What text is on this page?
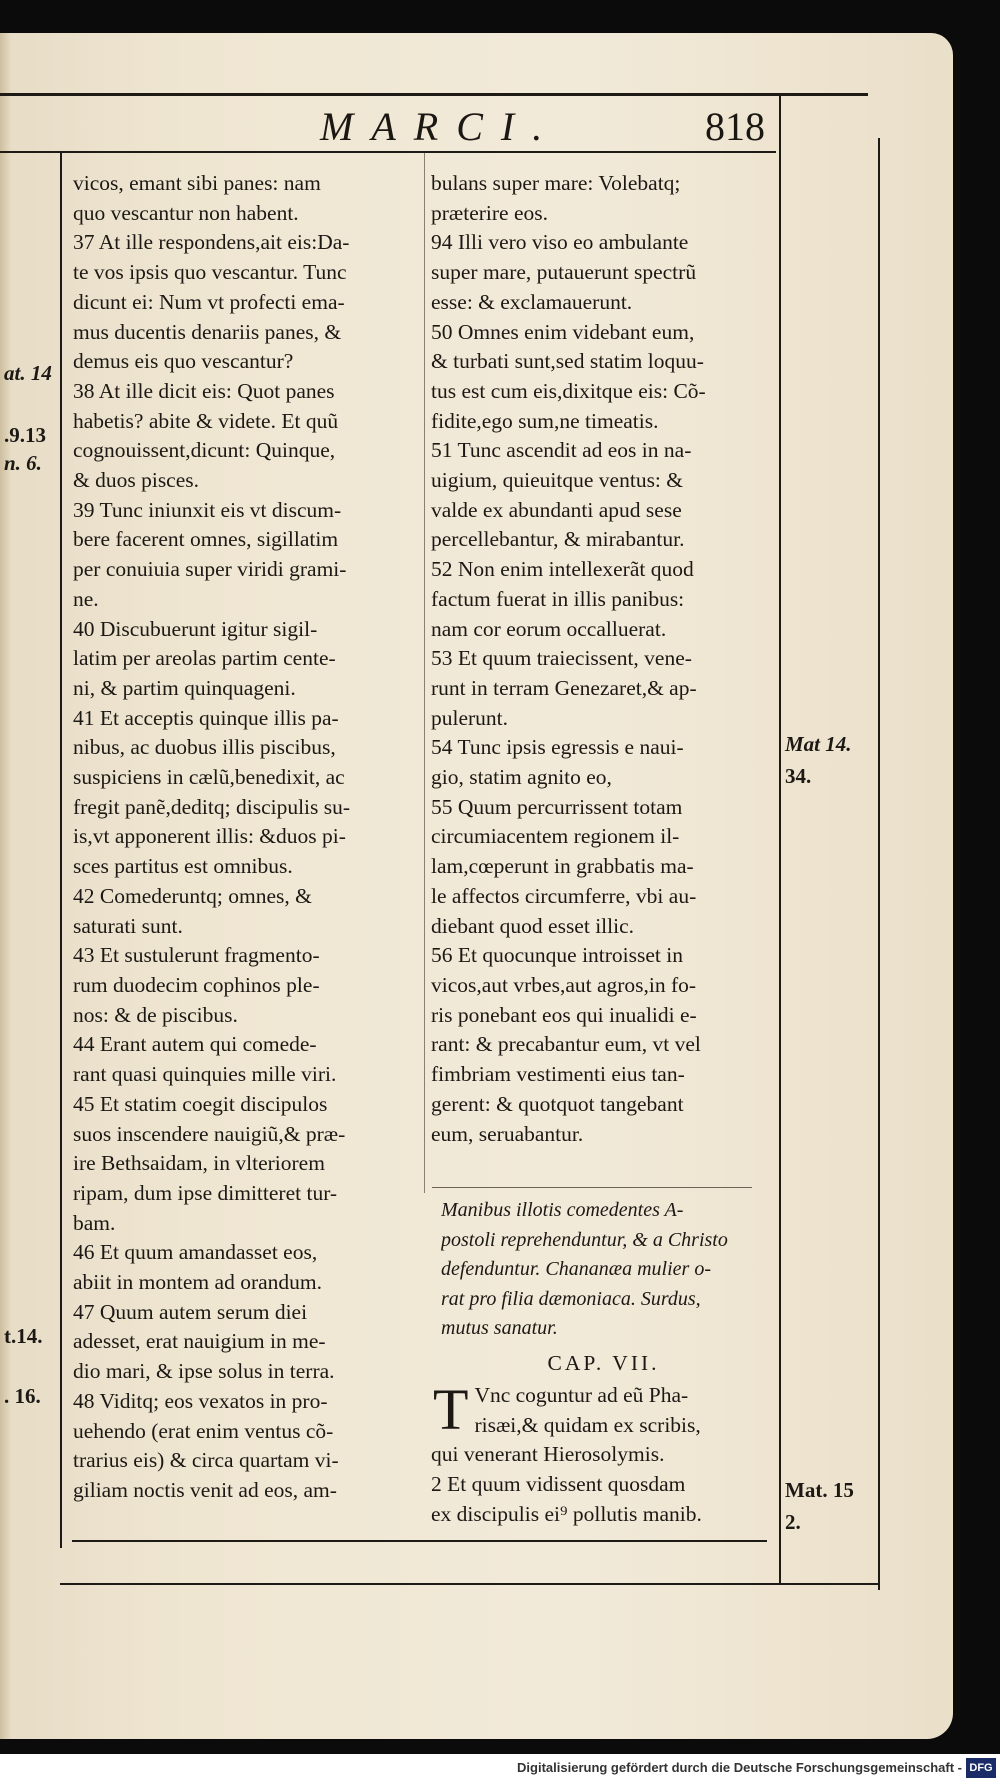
MARCI.	818
at. 14
.9.13
n. 6.
t.14.
. 16.
Mat 14.
34.
Mat. 15
2.

vicos, emant sibi panes: nam

quo vescantur non habent.

37 At ille respondens,ait eis:Da-

te vos ipsis quo vescantur. Tunc

dicunt ei: Num vt profecti ema-

mus ducentis denariis panes, &

demus eis quo vescantur?

38 At ille dicit eis: Quot panes

habetis? abite & videte. Et quũ

cognouissent,dicunt: Quinque,

& duos pisces.

39 Tunc iniunxit eis vt discum-

bere facerent omnes, sigillatim

per conuiuia super viridi grami-

ne.

40 Discubuerunt igitur sigil-

latim per areolas partim cente-

ni, & partim quinquageni.

41 Et acceptis quinque illis pa-

nibus, ac duobus illis piscibus,

suspiciens in cælũ,benedixit, ac

fregit panẽ,deditq; discipulis su-

is,vt apponerent illis: &duos pi-

sces partitus est omnibus.

42 Comederuntq; omnes, &

saturati sunt.

43 Et sustulerunt fragmento-

rum duodecim cophinos ple-

nos: & de piscibus.

44 Erant autem qui comede-

rant quasi quinquies mille viri.

45 Et statim coegit discipulos

suos inscendere nauigiũ,& præ-

ire Bethsaidam, in vlteriorem

ripam, dum ipse dimitteret tur-

bam.

46 Et quum amandasset eos,

abiit in montem ad orandum.

47 Quum autem serum diei

adesset, erat nauigium in me-

dio mari, & ipse solus in terra.

48 Viditq; eos vexatos in pro-

uehendo (erat enim ventus cõ-

trarius eis) & circa quartam vi-

giliam noctis venit ad eos, am-

bulans super mare: Volebatq;

præterire eos.

94 Illi vero viso eo ambulante

super mare, putauerunt spectrũ

esse: & exclamauerunt.

50 Omnes enim videbant eum,

& turbati sunt,sed statim loquu-

tus est cum eis,dixitque eis: Cõ-

fidite,ego sum,ne timeatis.

51 Tunc ascendit ad eos in na-

uigium, quieuitque ventus: &

valde ex abundanti apud sese

percellebantur, & mirabantur.

52 Non enim intellexerãt quod

factum fuerat in illis panibus:

nam cor eorum occalluerat.

53 Et quum traiecissent, vene-

runt in terram Genezaret,& ap-

pulerunt.

54 Tunc ipsis egressis e naui-

gio, statim agnito eo,

55 Quum percurrissent totam

circumiacentem regionem il-

lam,cœperunt in grabbatis ma-

le affectos circumferre, vbi au-

diebant quod esset illic.

56 Et quocunque introisset in

vicos,aut vrbes,aut agros,in fo-

ris ponebant eos qui inualidi e-

rant: & precabantur eum, vt vel

fimbriam vestimenti eius tan-

gerent: & quotquot tangebant

eum, seruabantur.

Manibus illotis comedentes A-

postoli reprehenduntur, & a Christo

defenduntur. Chananæa mulier o-

rat pro filia dæmoniaca. Surdus,

mutus sanatur.

CAP. VII.
T Vnc coguntur ad eũ Pha-

risæi,& quidam ex scribis,

qui venerant Hierosolymis.

2 Et quum vidissent quosdam

ex discipulis ei⁹ pollutis manib.

Digitalisierung gefördert durch die Deutsche Forschungsgemeinschaft - DFG
